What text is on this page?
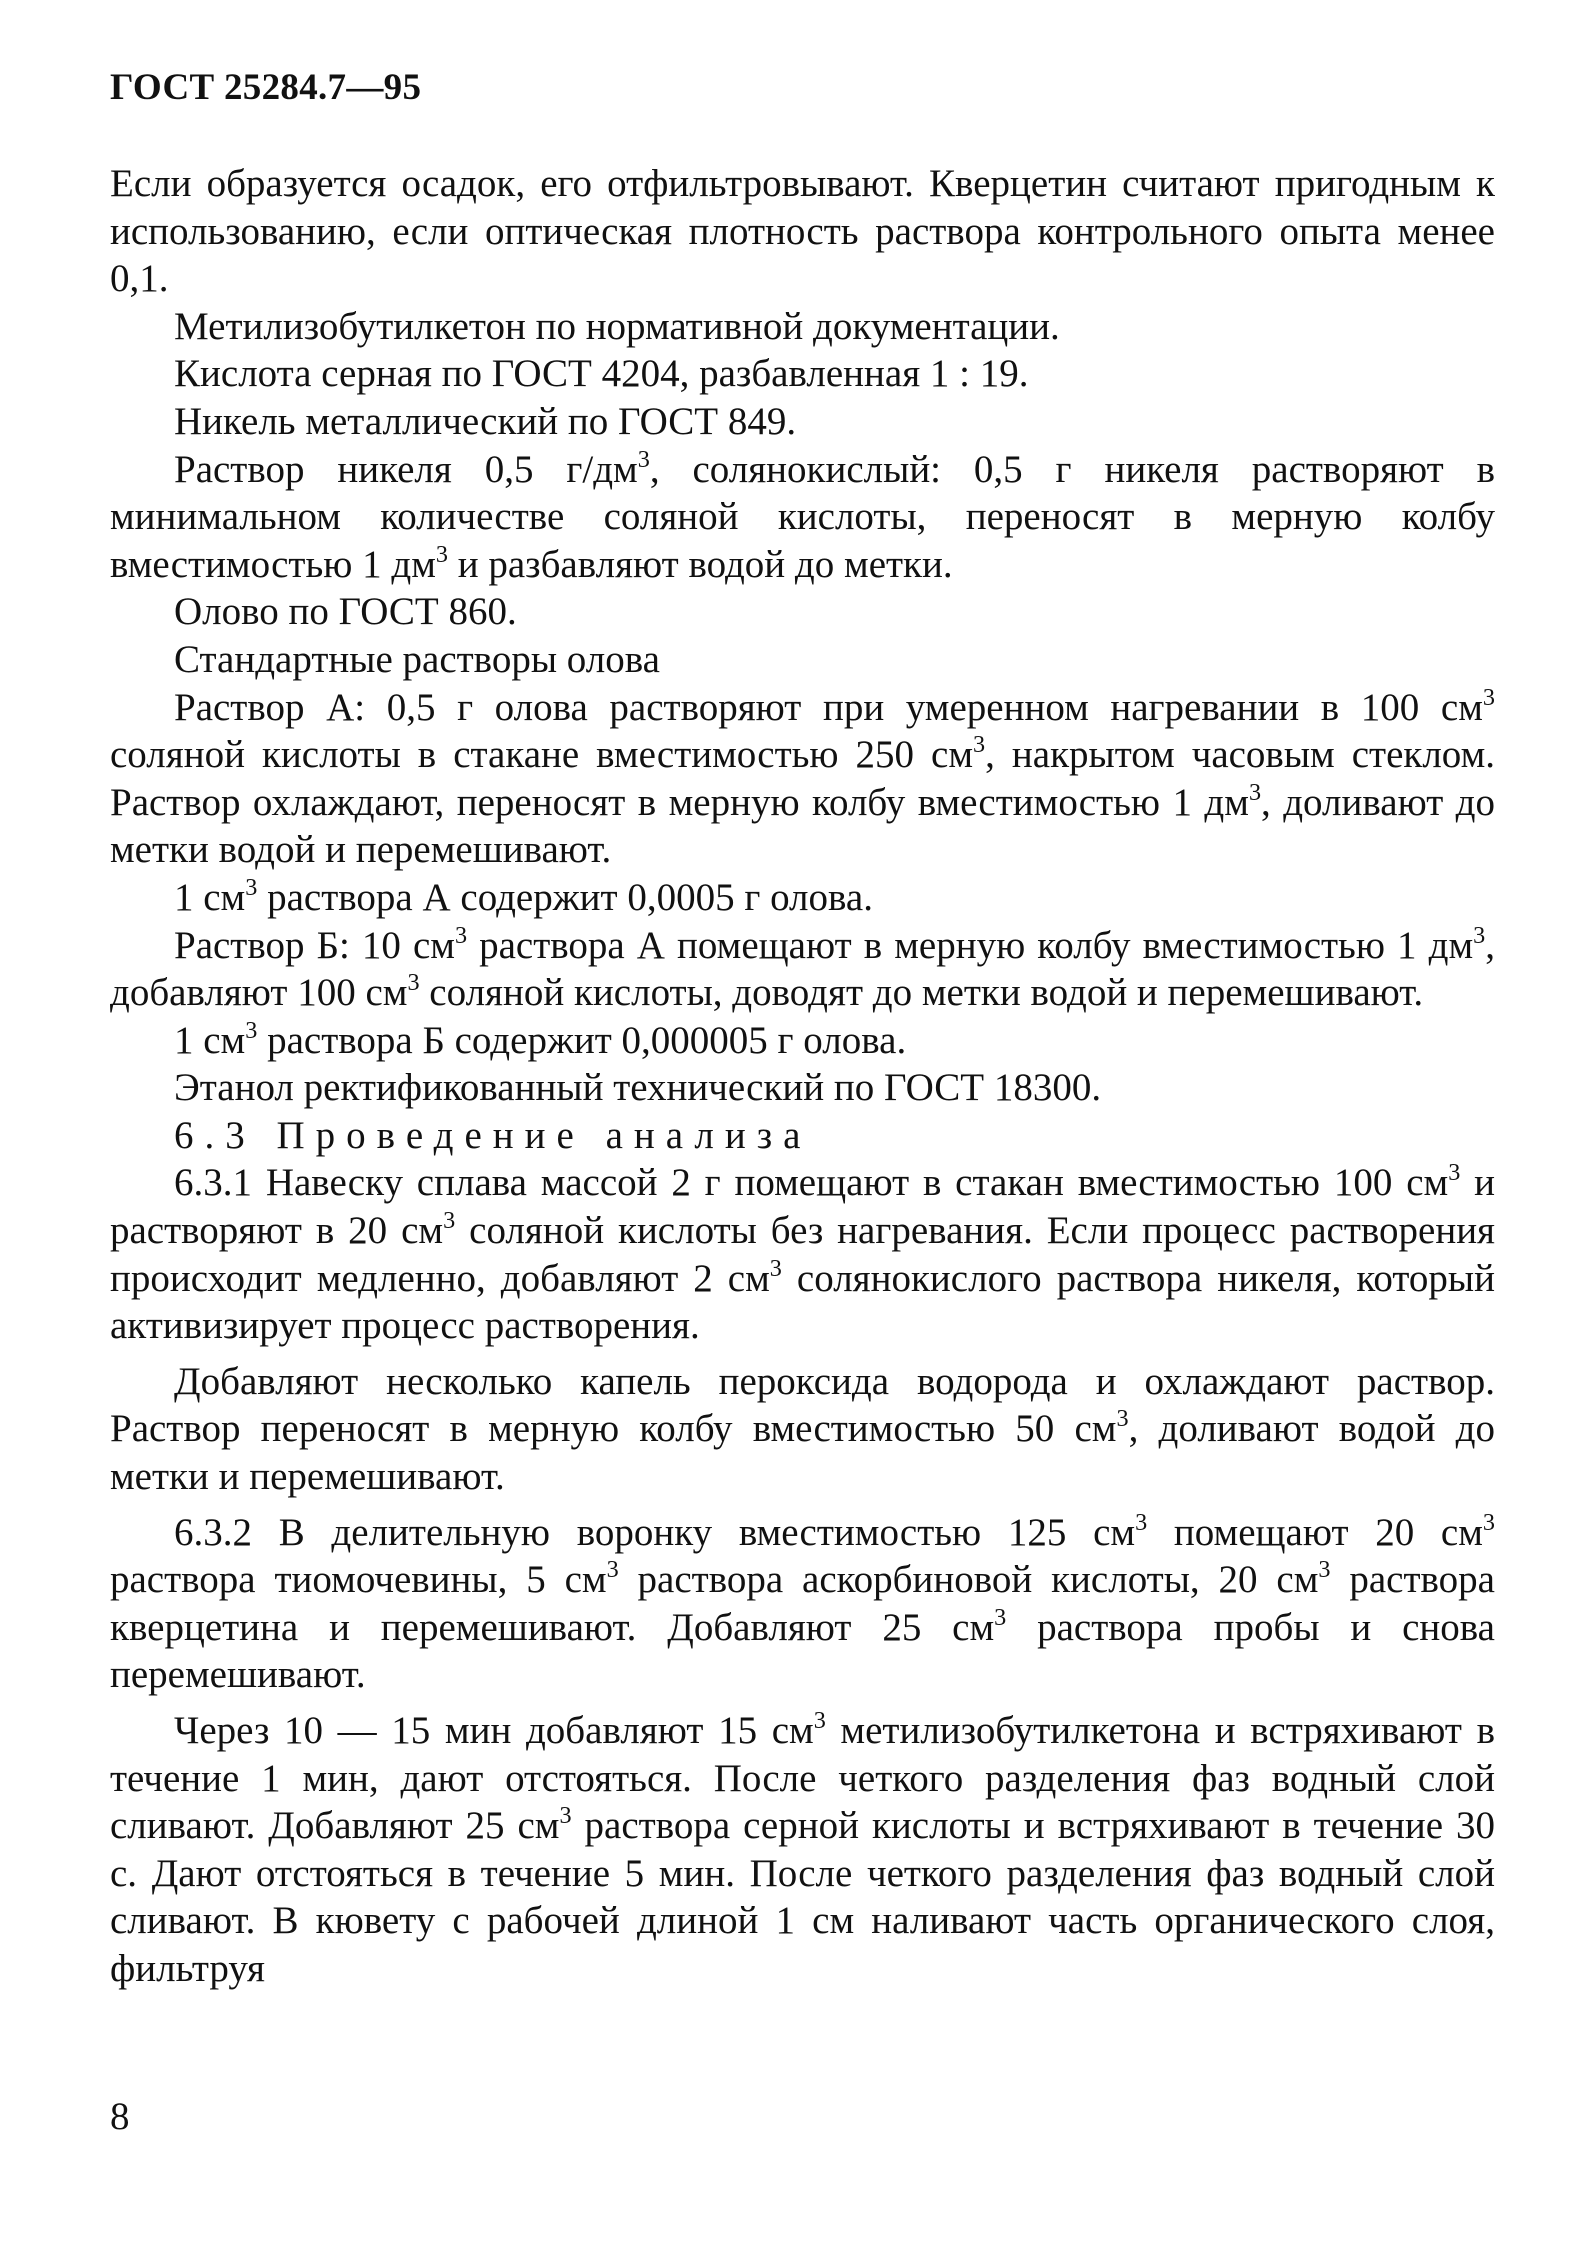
ГОСТ 25284.7—95

Если образуется осадок, его отфильтровывают. Кверцетин считают пригодным к использованию, если оптическая плотность раствора контрольного опыта менее 0,1.

Метилизобутилкетон по нормативной документации.

Кислота серная по ГОСТ 4204, разбавленная 1 : 19.

Никель металлический по ГОСТ 849.

Раствор никеля 0,5 $г/дм^3$, солянокислый: 0,5 г никеля растворяют в минимальном количестве соляной кислоты, переносят в мерную колбу вместимостью 1 $дм^3$ и разбавляют водой до метки.

Олово по ГОСТ 860.

Стандартные растворы олова

Раствор А: 0,5 г олова растворяют при умеренном нагревании в 100 $см^3$ соляной кислоты в стакане вместимостью 250 $см^3$, накрытом часовым стеклом. Раствор охлаждают, переносят в мерную колбу вместимостью 1 $дм^3$, доливают до метки водой и перемешивают.

1 $см^3$ раствора А содержит 0,0005 г олова.

Раствор Б: 10 $см^3$ раствора А помещают в мерную колбу вместимостью 1 $дм^3$, добавляют 100 $см^3$ соляной кислоты, доводят до метки водой и перемешивают.

1 $см^3$ раствора Б содержит 0,000005 г олова.

Этанол ректификованный технический по ГОСТ 18300.

6.3 Проведение анализа

6.3.1 Навеску сплава массой 2 г помещают в стакан вместимостью 100 $см^3$ и растворяют в 20 $см^3$ соляной кислоты без нагревания. Если процесс растворения происходит медленно, добавляют 2 $см^3$ солянокислого раствора никеля, который активизирует процесс растворения.

Добавляют несколько капель пероксида водорода и охлаждают раствор. Раствор переносят в мерную колбу вместимостью 50 $см^3$, доливают водой до метки и перемешивают.

6.3.2 В делительную воронку вместимостью 125 $см^3$ помещают 20 $см^3$ раствора тиомочевины, 5 $см^3$ раствора аскорбиновой кислоты, 20 $см^3$ раствора кверцетина и перемешивают. Добавляют 25 $см^3$ раствора пробы и снова перемешивают.

Через 10 — 15 мин добавляют 15 $см^3$ метилизобутилкетона и встряхивают в течение 1 мин, дают отстояться. После четкого разделения фаз водный слой сливают. Добавляют 25 $см^3$ раствора серной кислоты и встряхивают в течение 30 с. Дают отстояться в течение 5 мин. После четкого разделения фаз водный слой сливают. В кювету с рабочей длиной 1 см наливают часть органического слоя, фильтруя

8
